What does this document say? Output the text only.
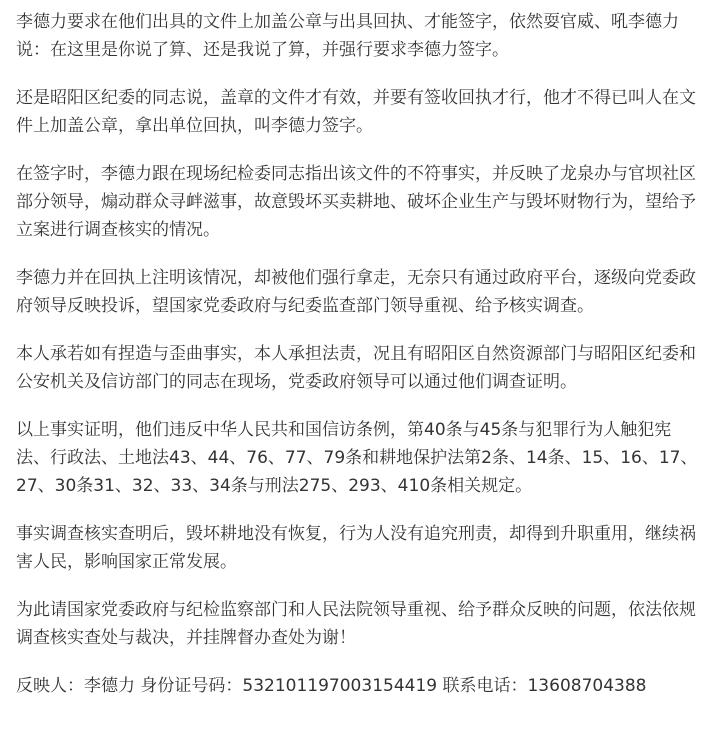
李德力要求在他们出具的文件上加盖公章与出具回执、才能签字，依然耍官威、吼李德力说：在这里是你说了算、还是我说了算，并强行要求李德力签字。

还是昭阳区纪委的同志说，盖章的文件才有效，并要有签收回执才行，他才不得已叫人在文件上加盖公章，拿出单位回执，叫李德力签字。

在签字时，李德力跟在现场纪检委同志指出该文件的不符事实，并反映了龙泉办与官坝社区部分领导，煽动群众寻衅滋事，故意毁坏买卖耕地、破坏企业生产与毁坏财物行为，望给予立案进行调查核实的情况。

李德力并在回执上注明该情况，却被他们强行拿走，无奈只有通过政府平台，逐级向党委政府领导反映投诉，望国家党委政府与纪委监查部门领导重视、给予核实调查。

本人承若如有捏造与歪曲事实，本人承担法责，况且有昭阳区自然资源部门与昭阳区纪委和公安机关及信访部门的同志在现场，党委政府领导可以通过他们调查证明。

以上事实证明，他们违反中华人民共和国信访条例，第40条与45条与犯罪行为人触犯宪法、行政法、土地法43、44、76、77、79条和耕地保护法第2条、14条、15、16、17、27、30条31、32、33、34条与刑法275、293、410条相关规定。

事实调查核实查明后，毁坏耕地没有恢复，行为人没有追究刑责，却得到升职重用，继续祸害人民，影响国家正常发展。

为此请国家党委政府与纪检监察部门和人民法院领导重视、给予群众反映的问题，依法依规调查核实查处与裁决，并挂牌督办查处为谢！

反映人：李德力 身份证号码：532101197003154419 联系电话：13608704388
